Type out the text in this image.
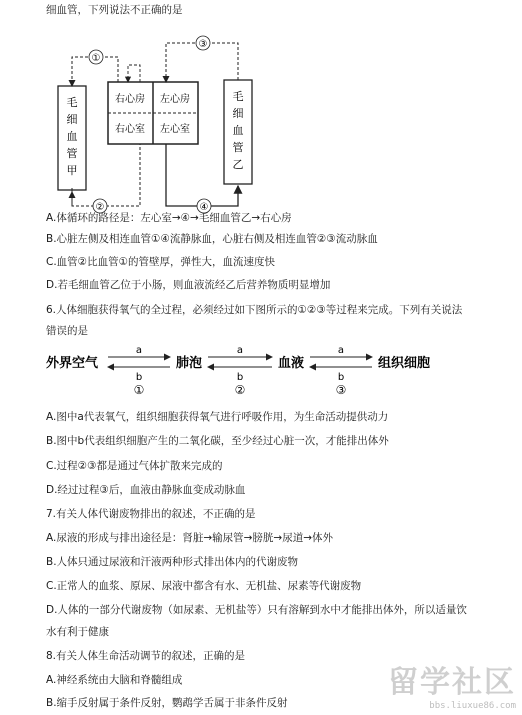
细血管，下列说法不正确的是
毛
细
血
管
甲
毛
细
血
管
乙
右心房 左心房
右心室 左心室
①
③
②	④
A.体循环的路径是：左心室→④→毛细血管乙→右心房
B.心脏左侧及相连血管①④流静脉血，心脏右侧及相连血管②③流动脉血
C.血管②比血管①的管壁厚，弹性大，血流速度快
D.若毛细血管乙位于小肠，则血液流经乙后营养物质明显增加
6.人体细胞获得氧气的全过程，必须经过如下图所示的①②③等过程来完成。下列有关说法
错误的是
外界空气	肺泡	血液	组织细胞
a
b
①
a
b
②
a
b
③
A.图中a代表氧气，组织细胞获得氧气进行呼吸作用，为生命活动提供动力
B.图中b代表组织细胞产生的二氧化碳，至少经过心脏一次，才能排出体外
C.过程②③都是通过气体扩散来完成的
D.经过过程③后，血液由静脉血变成动脉血
7.有关人体代谢废物排出的叙述，不正确的是
A.尿液的形成与排出途径是：肾脏→输尿管→膀胱→尿道→体外
B.人体只通过尿液和汗液两种形式排出体内的代谢废物
C.正常人的血浆、原尿、尿液中都含有水、无机盐、尿素等代谢废物
D.人体的一部分代谢废物（如尿素、无机盐等）只有溶解到水中才能排出体外，所以适量饮
水有利于健康
8.有关人体生命活动调节的叙述，正确的是
A.神经系统由大脑和脊髓组成
B.缩手反射属于条件反射，鹦鹉学舌属于非条件反射
留学社区
bbs.liuxue86.com
